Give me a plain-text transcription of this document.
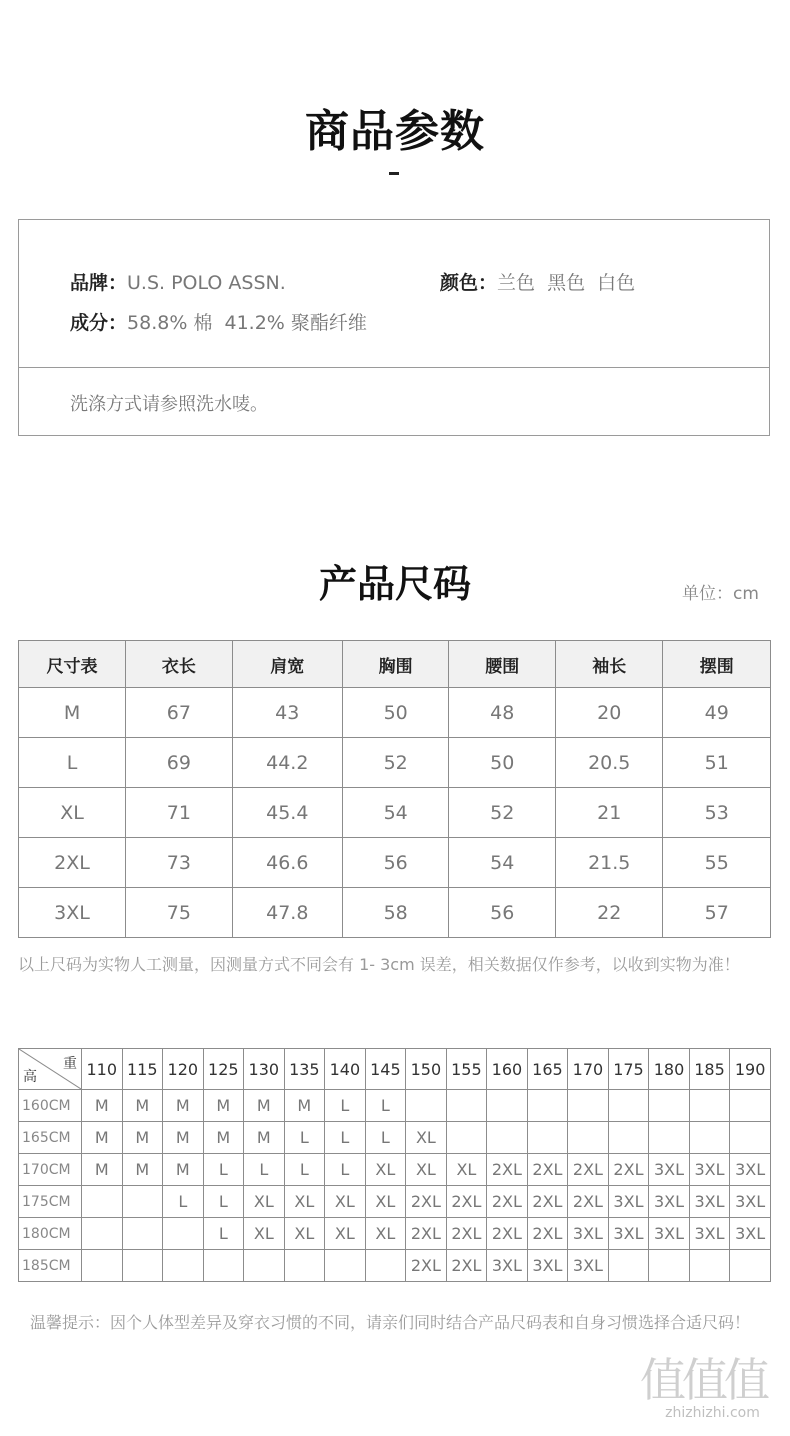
商品参数
品牌：U.S. POLO ASSN.	颜色：兰色  黑色  白色
成分：58.8% 棉  41.2% 聚酯纤维
洗涤方式请参照洗水唛。
产品尺码	单位：cm
尺寸表	衣长	肩宽	胸围	腰围	袖长	摆围
M	67	43	50	48	20	49
L	69	44.2	52	50	20.5	51
XL	71	45.4	54	52	21	53
2XL	73	46.6	56	54	21.5	55
3XL	75	47.8	58	56	22	57
以上尺码为实物人工测量，因测量方式不同会有 1- 3cm 误差，相关数据仅作参考，以收到实物为准！
重
高	110	115	120	125	130	135	140	145	150	155	160	165	170	175	180	185	190
160CM	M	M	M	M	M	M	L	L									
165CM	M	M	M	M	M	L	L	L	XL								
170CM	M	M	M	L	L	L	L	XL	XL	XL	2XL	2XL	2XL	2XL	3XL	3XL	3XL
175CM			L	L	XL	XL	XL	XL	2XL	2XL	2XL	2XL	2XL	3XL	3XL	3XL	3XL
180CM				L	XL	XL	XL	XL	2XL	2XL	2XL	2XL	3XL	3XL	3XL	3XL	3XL
185CM									2XL	2XL	3XL	3XL	3XL				
温馨提示：因个人体型差异及穿衣习惯的不同，请亲们同时结合产品尺码表和自身习惯选择合适尺码！
值值值
zhizhizhi.com
